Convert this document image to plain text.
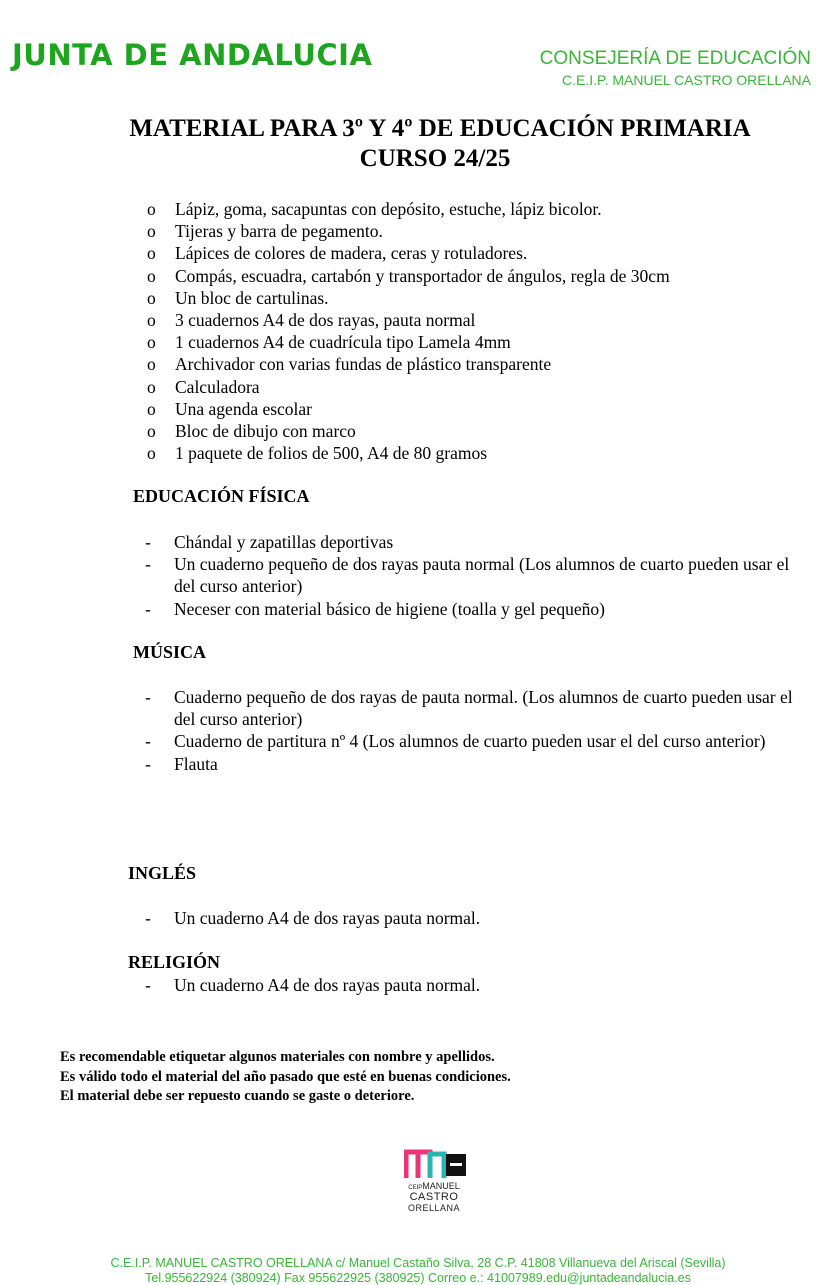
JUNTA DE ANDALUCIA	CONSEJERÍA DE EDUCACIÓN
C.E.I.P. MANUEL CASTRO ORELLANA
MATERIAL PARA 3º Y 4º DE EDUCACIÓN PRIMARIA
CURSO 24/25
o Lápiz, goma, sacapuntas con depósito, estuche, lápiz bicolor.
o Tijeras y barra de pegamento.
o Lápices de colores de madera, ceras y rotuladores.
o Compás, escuadra, cartabón y transportador de ángulos, regla de 30cm
o Un bloc de cartulinas.
o 3 cuadernos A4 de dos rayas, pauta normal
o 1 cuadernos A4 de cuadrícula tipo Lamela 4mm
o Archivador con varias fundas de plástico transparente
o Calculadora
o Una agenda escolar
o Bloc de dibujo con marco
o 1 paquete de folios de 500, A4 de 80 gramos
EDUCACIÓN FÍSICA
- Chándal y zapatillas deportivas
- Un cuaderno pequeño de dos rayas pauta normal (Los alumnos de cuarto pueden usar el del curso anterior)
- Neceser con material básico de higiene (toalla y gel pequeño)
MÚSICA
- Cuaderno pequeño de dos rayas de pauta normal. (Los alumnos de cuarto pueden usar el del curso anterior)
- Cuaderno de partitura nº 4 (Los alumnos de cuarto pueden usar el del curso anterior)
- Flauta
INGLÉS
- Un cuaderno A4 de dos rayas pauta normal.
RELIGIÓN
- Un cuaderno A4 de dos rayas pauta normal.
Es recomendable etiquetar algunos materiales con nombre y apellidos.
Es válido todo el material del año pasado que esté en buenas condiciones.
El material debe ser repuesto cuando se gaste o deteriore.
CEIPMANUEL
CASTRO
ORELLANA
C.E.I.P. MANUEL CASTRO ORELLANA c/ Manuel Castaño Silva, 28 C.P. 41808 Villanueva del Ariscal (Sevilla)
Tel.955622924 (380924) Fax 955622925 (380925) Correo e.: 41007989.edu@juntadeandalucia.es
